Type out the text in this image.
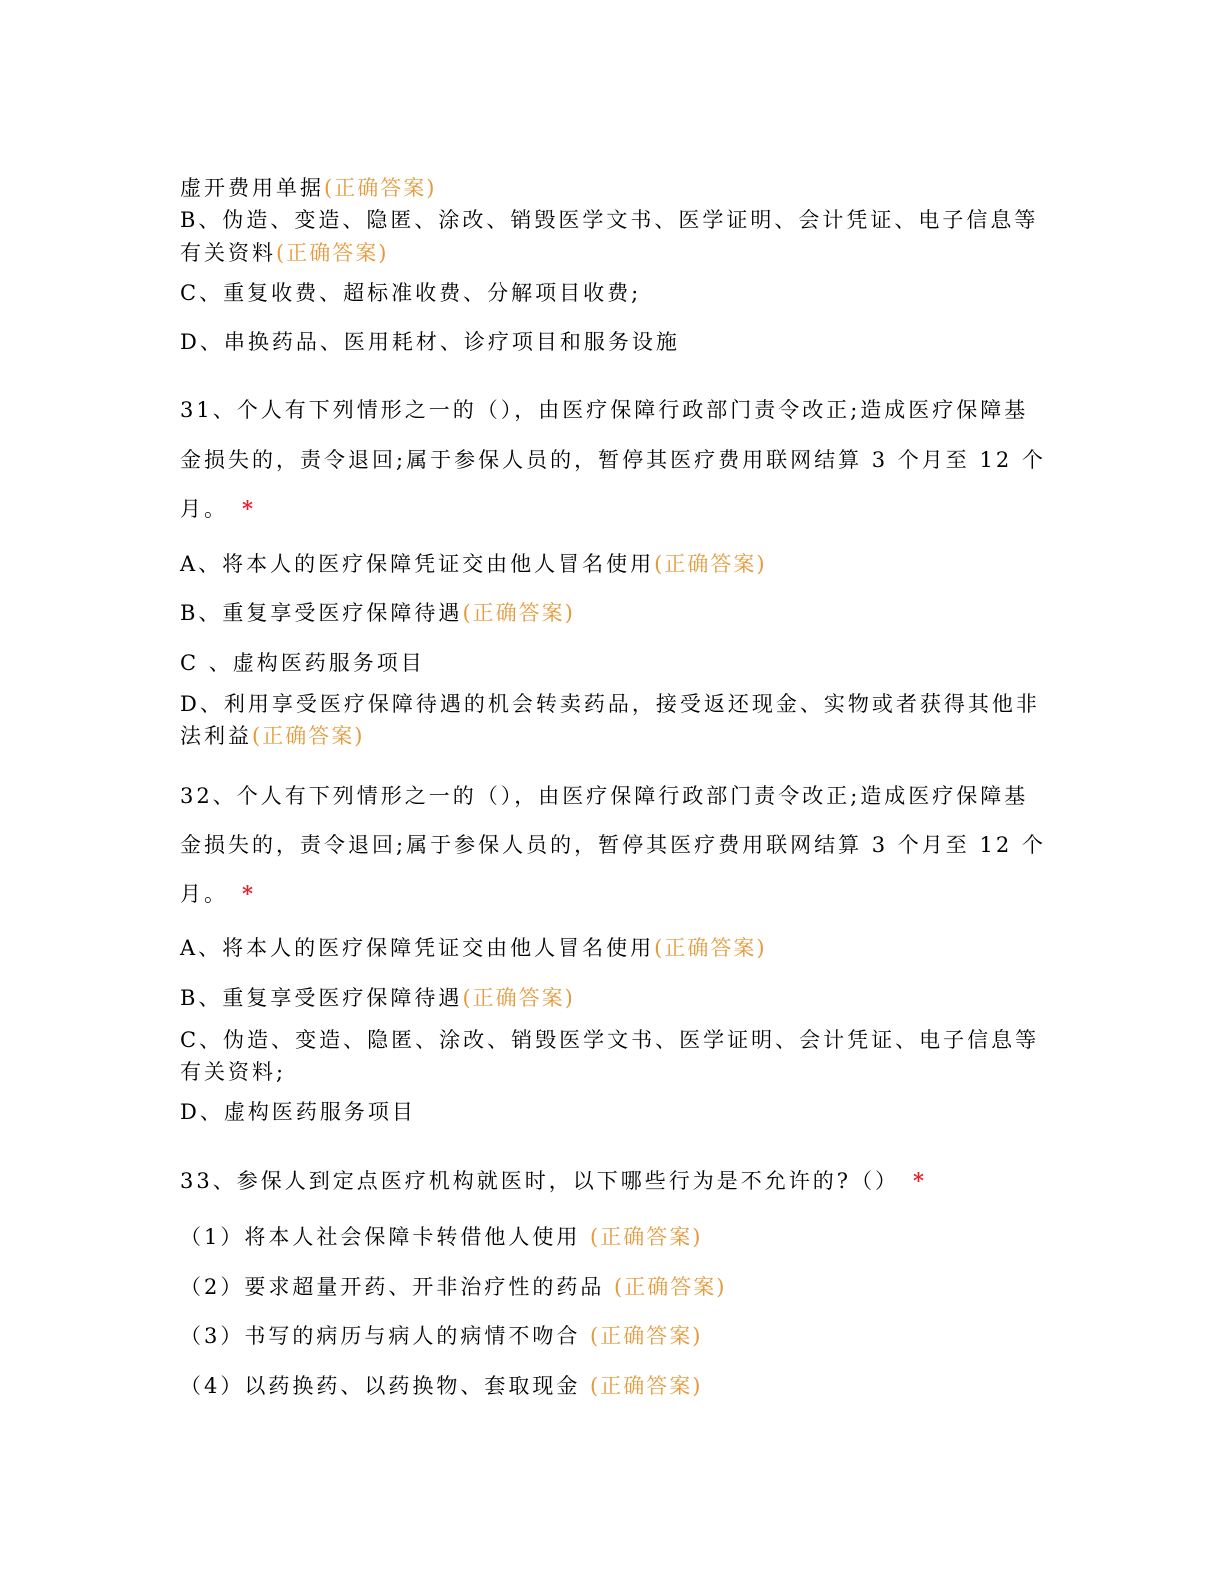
虚开费用单据(正确答案)
B、伪造、变造、隐匿、涂改、销毁医学文书、医学证明、会计凭证、电子信息等
有关资料(正确答案)
C、重复收费、超标准收费、分解项目收费;
D、串换药品、医用耗材、诊疗项目和服务设施
31、个人有下列情形之一的（），由医疗保障行政部门责令改正;造成医疗保障基
金损失的，责令退回;属于参保人员的，暂停其医疗费用联网结算 3 个月至 12 个
月。 *
A、将本人的医疗保障凭证交由他人冒名使用(正确答案)
B、重复享受医疗保障待遇(正确答案)
C 、虚构医药服务项目
D、利用享受医疗保障待遇的机会转卖药品，接受返还现金、实物或者获得其他非
法利益(正确答案)
32、个人有下列情形之一的（），由医疗保障行政部门责令改正;造成医疗保障基
金损失的，责令退回;属于参保人员的，暂停其医疗费用联网结算 3 个月至 12 个
月。 *
A、将本人的医疗保障凭证交由他人冒名使用(正确答案)
B、重复享受医疗保障待遇(正确答案)
C、伪造、变造、隐匿、涂改、销毁医学文书、医学证明、会计凭证、电子信息等
有关资料;
D、虚构医药服务项目
33、参保人到定点医疗机构就医时，以下哪些行为是不允许的?（） *
（1）将本人社会保障卡转借他人使用 (正确答案)
（2）要求超量开药、开非治疗性的药品 (正确答案)
（3）书写的病历与病人的病情不吻合 (正确答案)
（4）以药换药、以药换物、套取现金 (正确答案)
